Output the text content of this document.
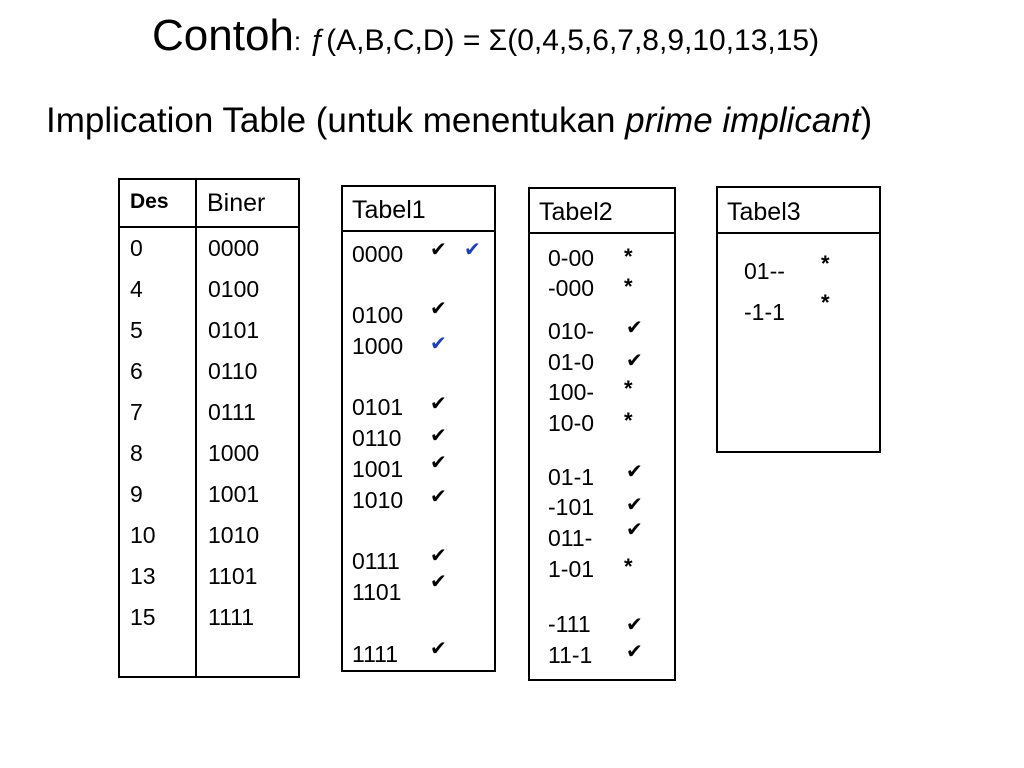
Contoh: ƒ(A,B,C,D) = Σ(0,4,5,6,7,8,9,10,13,15)
Implication Table (untuk menentukan prime implicant)
Des Biner
0	0000
4	0100
5	0101
6	0110
7	0111
8	1000
9	1001
10 1010
13 1101
15 1111
Tabel1
0000 ✔ ✔
0100 ✔
1000 ✔
0101 ✔
0110 ✔
1001 ✔
1010 ✔
0111 ✔
1101 ✔
1111 ✔
Tabel2
0-00 *
-000 *
010- ✔
01-0 ✔
100- *
10-0 *
01-1 ✔
-101 ✔
011- ✔
1-01 *
-111 ✔
11-1 ✔
Tabel3
01-- *
-1-1 *
